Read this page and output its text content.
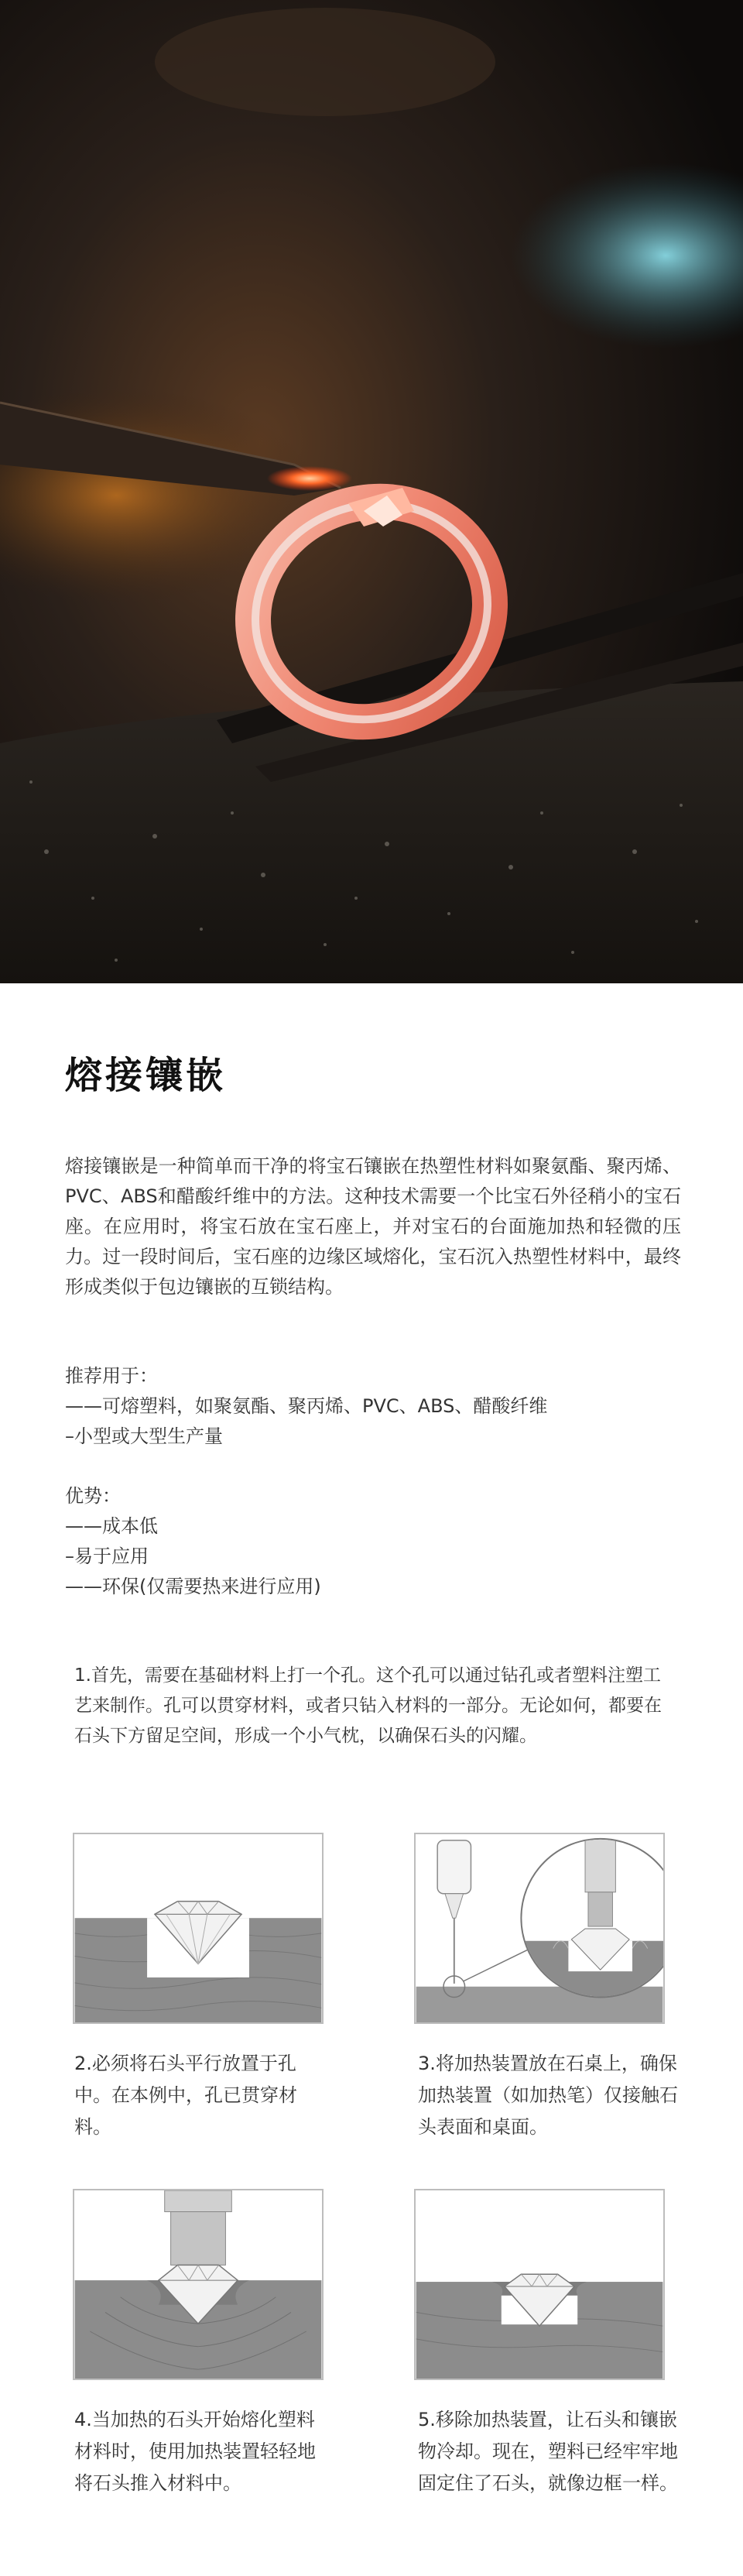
熔接镶嵌

熔接镶嵌是一种简单而干净的将宝石镶嵌在热塑性材料如聚氨酯、聚丙烯、PVC、ABS和醋酸纤维中的方法。这种技术需要一个比宝石外径稍小的宝石座。在应用时，将宝石放在宝石座上，并对宝石的台面施加热和轻微的压力。过一段时间后，宝石座的边缘区域熔化，宝石沉入热塑性材料中，最终形成类似于包边镶嵌的互锁结构。

推荐用于：
——可熔塑料，如聚氨酯、聚丙烯、PVC、ABS、醋酸纤维
–小型或大型生产量
优势：
——成本低
–易于应用
——环保(仅需要热来进行应用)

1.首先，需要在基础材料上打一个孔。这个孔可以通过钻孔或者塑料注塑工艺来制作。孔可以贯穿材料，或者只钻入材料的一部分。无论如何，都要在石头下方留足空间，形成一个小气枕，以确保石头的闪耀。

2.必须将石头平行放置于孔中。在本例中，孔已贯穿材料。

3.将加热装置放在石桌上，确保加热装置（如加热笔）仅接触石头表面和桌面。

4.当加热的石头开始熔化塑料材料时，使用加热装置轻轻地将石头推入材料中。

5.移除加热装置，让石头和镶嵌物冷却。现在，塑料已经牢牢地固定住了石头，就像边框一样。
